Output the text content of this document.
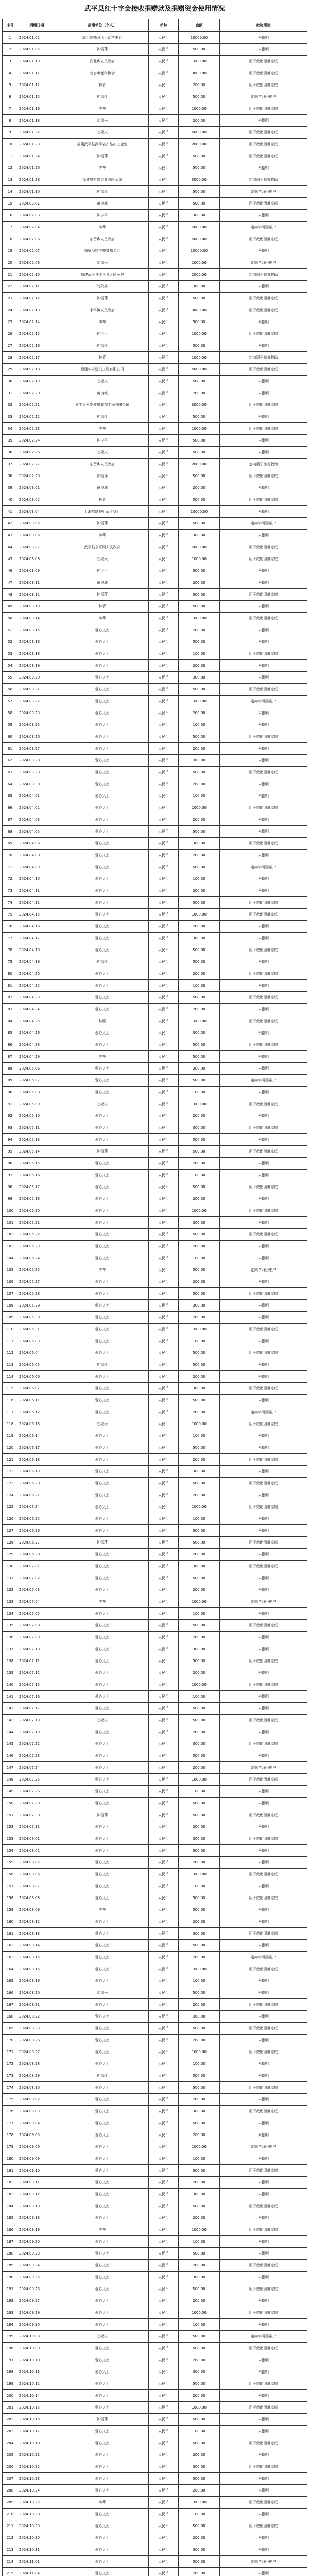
武平县红十字会接收捐赠款及捐赠资金使用情况
序号	捐赠日期	捐赠单位（个人）	币种	金额	款物用途
1	2024.01.02	厦门高德时代不动产中心	人民币	10000.00	未指明
2	2024.01.05	钟雪萍	人民币	500.00	未指明
3	2024.01.10	武北乡人民政府	人民币	1000.00	用于救助困难家庭
4	2024.01.11	龙岩市老年协会	人民币	3000.00	用于救助困难家庭
5	2024.01.12	林青	人民币	200.00	用于救助困难家庭
6	2024.01.15	钟雪萍	人民币	500.00	定向学习困难户
7	2024.01.16	李华	人民币	1000.00	用于救助困难家庭
8	2024.01.18	刘福兴	人民币	200.00	未指明
9	2024.01.22	刘福兴	人民币	5000.00	用于救助困难家庭
10	2024.01.23	福建武平县武平农产品加工企业	人民币	2000.00	用于救助困难家庭
11	2024.01.24	钟雪萍	人民币	500.00	用于救助困难家庭
12	2024.01.26	李华	人民币	500.00	未指明
13	2024.01.28	福建省万宏实业有限公司	人民币	3000.00	定向用于慈善救助
14	2024.01.30	钟雪萍	人民币	500.00	定向学习困难户
15	2024.02.01	黄良城	人民币	500.00	用于救助困难家庭
16	2024.02.03	钟少平	人民币	300.00	未指明
17	2024.02.04	李华	人民币	2000.00	定向学习困难户
18	2024.02.06	东留乡人民政府	人民币	5000.00	用于救助困难家庭
19	2024.02.07	东留乡精准扶贫基金会	人民币	10000.00	未指明
20	2024.02.08	刘福兴	人民币	1000.00	定向学习困难户
21	2024.02.10	福建武平县武平县人民医院	人民币	2000.00	定向用于慈善救助
22	2024.02.11	气象局	人民币	300.00	未指明
23	2024.02.12	钟雪萍	人民币	500.00	用于救助困难家庭
24	2024.02.13	永平镇人民政府	人民币	3000.00	用于救助困难家庭
25	2024.02.14	李华	人民币	500.00	未指明
26	2024.02.15	钟少平	人民币	1000.00	用于救助困难家庭
27	2024.02.16	钟雪萍	人民币	500.00	未指明
28	2024.02.17	林青	人民币	1000.00	定向用于慈善救助
29	2024.02.18	福建华安建设工程有限公司	人民币	5000.00	用于救助困难家庭
30	2024.02.19	刘福兴	人民币	500.00	未指明
31	2024.02.20	黄良城	人民币	200.00	未指明
32	2024.02.21	武平县永安建筑装饰工程有限公司	人民币	3000.00	用于救助困难家庭
33	2024.02.22	钟雪萍	人民币	500.00	未指明
34	2024.02.23	李华	人民币	1000.00	用于救助困难家庭
35	2024.02.24	钟少平	人民币	500.00	未指明
36	2024.02.26	刘福兴	人民币	500.00	未指明
37	2024.02.27	东留乡人民政府	人民币	2000.00	定向用于慈善救助
38	2024.02.28	钟雪萍	人民币	500.00	用于救助困难家庭
39	2024.03.01	黄良城	人民币	200.00	未指明
40	2024.03.02	林青	人民币	500.00	用于救助困难家庭
41	2024.03.04	上海招商银行武平支行	人民币	10000.00	未指明
42	2024.03.05	钟雪萍	人民币	500.00	定向学习困难户
43	2024.03.06	李华	人民币	300.00	未指明
44	2024.03.07	武平县永平镇人民政府	人民币	2000.00	用于救助困难家庭
45	2024.03.08	刘福兴	人民币	1000.00	用于救助困难家庭
46	2024.03.09	钟少平	人民币	500.00	未指明
47	2024.03.11	黄良城	人民币	200.00	未指明
48	2024.03.12	钟雪萍	人民币	500.00	用于救助困难家庭
49	2024.03.13	林青	人民币	500.00	未指明
50	2024.03.14	李华	人民币	1000.00	用于救助困难家庭
51	2024.03.15	爱心人士	人民币	200.00	未指明
52	2024.03.16	爱心人士	人民币	500.00	未指明
53	2024.03.18	爱心人士	人民币	100.00	用于救助困难家庭
54	2024.03.19	爱心人士	人民币	200.00	未指明
55	2024.03.20	爱心人士	人民币	300.00	未指明
56	2024.03.21	爱心人士	人民币	500.00	用于救助困难家庭
57	2024.03.22	爱心人士	人民币	1000.00	定向学习困难户
58	2024.03.23	爱心人士	人民币	200.00	未指明
59	2024.03.25	爱心人士	人民币	100.00	未指明
60	2024.03.26	爱心人士	人民币	500.00	用于救助困难家庭
61	2024.03.27	爱心人士	人民币	200.00	未指明
62	2024.03.28	爱心人士	人民币	300.00	未指明
63	2024.03.29	爱心人士	人民币	500.00	用于救助困难家庭
64	2024.03.30	爱心人士	人民币	200.00	未指明
65	2024.04.01	爱心人士	人民币	100.00	未指明
66	2024.04.02	爱心人士	人民币	1000.00	用于救助困难家庭
67	2024.04.03	爱心人士	人民币	200.00	未指明
68	2024.04.05	爱心人士	人民币	500.00	未指明
69	2024.04.06	爱心人士	人民币	300.00	用于救助困难家庭
70	2024.04.08	爱心人士	人民币	200.00	未指明
71	2024.04.09	爱心人士	人民币	500.00	定向学习困难户
72	2024.04.10	爱心人士	人民币	100.00	未指明
73	2024.04.11	爱心人士	人民币	200.00	未指明
74	2024.04.12	爱心人士	人民币	500.00	用于救助困难家庭
75	2024.04.15	爱心人士	人民币	1000.00	用于救助困难家庭
76	2024.04.16	爱心人士	人民币	200.00	未指明
77	2024.04.17	爱心人士	人民币	300.00	未指明
78	2024.04.18	爱心人士	人民币	500.00	用于救助困难家庭
79	2024.04.19	钟雪萍	人民币	500.00	未指明
80	2024.04.20	爱心人士	人民币	200.00	用于救助困难家庭
81	2024.04.22	爱心人士	人民币	100.00	未指明
82	2024.04.23	爱心人士	人民币	500.00	用于救助困难家庭
83	2024.04.24	爱心人士	人民币	200.00	未指明
84	2024.04.25	林晓	人民币	1000.00	用于救助困难家庭
85	2024.04.26	爱心人士	人民币	300.00	未指明
86	2024.04.28	爱心人士	人民币	500.00	用于救助困难家庭
87	2024.04.29	李华	人民币	500.00	未指明
88	2024.05.06	爱心人士	人民币	200.00	未指明
89	2024.05.07	爱心人士	人民币	500.00	定向学习困难户
90	2024.05.08	爱心人士	人民币	100.00	未指明
91	2024.05.09	刘福兴	人民币	1000.00	用于救助困难家庭
92	2024.05.10	爱心人士	人民币	200.00	未指明
93	2024.05.11	爱心人士	人民币	300.00	用于救助困难家庭
94	2024.05.13	爱心人士	人民币	500.00	未指明
95	2024.05.14	钟雪萍	人民币	500.00	用于救助困难家庭
96	2024.05.15	爱心人士	人民币	200.00	未指明
97	2024.05.16	爱心人士	人民币	100.00	未指明
98	2024.05.17	爱心人士	人民币	500.00	用于救助困难家庭
99	2024.05.18	爱心人士	人民币	200.00	未指明
100	2024.05.20	爱心人士	人民币	1000.00	用于救助困难家庭
101	2024.05.21	爱心人士	人民币	300.00	未指明
102	2024.05.22	爱心人士	人民币	500.00	用于救助困难家庭
103	2024.05.23	爱心人士	人民币	200.00	未指明
104	2024.05.24	爱心人士	人民币	100.00	未指明
105	2024.05.25	李华	人民币	500.00	定向学习困难户
106	2024.05.27	爱心人士	人民币	200.00	未指明
107	2024.05.28	爱心人士	人民币	500.00	用于救助困难家庭
108	2024.05.29	爱心人士	人民币	300.00	未指明
109	2024.05.30	爱心人士	人民币	200.00	未指明
110	2024.05.31	爱心人士	人民币	1000.00	用于救助困难家庭
111	2024.06.03	爱心人士	人民币	100.00	未指明
112	2024.06.04	爱心人士	人民币	500.00	用于救助困难家庭
113	2024.06.05	钟雪萍	人民币	500.00	未指明
114	2024.06.06	爱心人士	人民币	200.00	未指明
115	2024.06.07	爱心人士	人民币	300.00	用于救助困难家庭
116	2024.06.11	爱心人士	人民币	500.00	未指明
117	2024.06.12	爱心人士	人民币	200.00	定向学习困难户
118	2024.06.13	刘福兴	人民币	1000.00	用于救助困难家庭
119	2024.06.14	爱心人士	人民币	100.00	未指明
120	2024.06.17	爱心人士	人民币	500.00	未指明
121	2024.06.18	爱心人士	人民币	200.00	用于救助困难家庭
122	2024.06.19	爱心人士	人民币	300.00	未指明
123	2024.06.20	爱心人士	人民币	500.00	用于救助困难家庭
124	2024.06.21	爱心人士	人民币	200.00	未指明
125	2024.06.24	爱心人士	人民币	1000.00	用于救助困难家庭
126	2024.06.25	爱心人士	人民币	100.00	未指明
127	2024.06.26	爱心人士	人民币	500.00	未指明
128	2024.06.27	钟雪萍	人民币	500.00	用于救助困难家庭
129	2024.06.28	爱心人士	人民币	200.00	未指明
130	2024.07.01	爱心人士	人民币	300.00	用于救助困难家庭
131	2024.07.02	爱心人士	人民币	500.00	未指明
132	2024.07.03	爱心人士	人民币	200.00	未指明
133	2024.07.04	李华	人民币	1000.00	定向学习困难户
134	2024.07.05	爱心人士	人民币	100.00	未指明
135	2024.07.08	爱心人士	人民币	500.00	用于救助困难家庭
136	2024.07.09	爱心人士	人民币	200.00	未指明
137	2024.07.10	爱心人士	人民币	300.00	未指明
138	2024.07.11	爱心人士	人民币	500.00	用于救助困难家庭
139	2024.07.12	爱心人士	人民币	200.00	未指明
140	2024.07.15	爱心人士	人民币	1000.00	用于救助困难家庭
141	2024.07.16	爱心人士	人民币	100.00	未指明
142	2024.07.17	爱心人士	人民币	500.00	未指明
143	2024.07.18	刘福兴	人民币	500.00	用于救助困难家庭
144	2024.07.19	爱心人士	人民币	200.00	未指明
145	2024.07.22	爱心人士	人民币	300.00	用于救助困难家庭
146	2024.07.23	爱心人士	人民币	500.00	未指明
147	2024.07.24	爱心人士	人民币	200.00	定向学习困难户
148	2024.07.25	爱心人士	人民币	1000.00	用于救助困难家庭
149	2024.07.26	爱心人士	人民币	100.00	未指明
150	2024.07.29	爱心人士	人民币	500.00	未指明
151	2024.07.30	钟雪萍	人民币	500.00	用于救助困难家庭
152	2024.07.31	爱心人士	人民币	200.00	未指明
153	2024.08.01	爱心人士	人民币	300.00	用于救助困难家庭
154	2024.08.02	爱心人士	人民币	500.00	未指明
155	2024.08.05	爱心人士	人民币	200.00	未指明
156	2024.08.06	爱心人士	人民币	1000.00	用于救助困难家庭
157	2024.08.07	爱心人士	人民币	100.00	未指明
158	2024.08.08	爱心人士	人民币	500.00	用于救助困难家庭
159	2024.08.09	李华	人民币	500.00	未指明
160	2024.08.12	爱心人士	人民币	200.00	未指明
161	2024.08.13	爱心人士	人民币	300.00	用于救助困难家庭
162	2024.08.14	爱心人士	人民币	500.00	未指明
163	2024.08.15	爱心人士	人民币	200.00	定向学习困难户
164	2024.08.16	爱心人士	人民币	1000.00	用于救助困难家庭
165	2024.08.19	爱心人士	人民币	100.00	未指明
166	2024.08.20	刘福兴	人民币	500.00	未指明
167	2024.08.21	爱心人士	人民币	200.00	用于救助困难家庭
168	2024.08.22	爱心人士	人民币	300.00	未指明
169	2024.08.23	爱心人士	人民币	500.00	用于救助困难家庭
170	2024.08.26	爱心人士	人民币	200.00	未指明
171	2024.08.27	爱心人士	人民币	1000.00	用于救助困难家庭
172	2024.08.28	爱心人士	人民币	100.00	未指明
173	2024.08.29	钟雪萍	人民币	500.00	未指明
174	2024.08.30	爱心人士	人民币	500.00	用于救助困难家庭
175	2024.09.02	爱心人士	人民币	200.00	未指明
176	2024.09.03	爱心人士	人民币	300.00	用于救助困难家庭
177	2024.09.04	爱心人士	人民币	500.00	未指明
178	2024.09.05	爱心人士	人民币	200.00	未指明
179	2024.09.06	爱心人士	人民币	1000.00	定向学习困难户
180	2024.09.09	爱心人士	人民币	100.00	未指明
181	2024.09.10	爱心人士	人民币	500.00	用于救助困难家庭
182	2024.09.11	爱心人士	人民币	200.00	未指明
183	2024.09.12	爱心人士	人民币	300.00	未指明
184	2024.09.13	爱心人士	人民币	500.00	用于救助困难家庭
185	2024.09.18	爱心人士	人民币	200.00	未指明
186	2024.09.19	李华	人民币	1000.00	用于救助困难家庭
187	2024.09.20	爱心人士	人民币	100.00	未指明
188	2024.09.23	爱心人士	人民币	500.00	未指明
189	2024.09.24	爱心人士	人民币	200.00	用于救助困难家庭
190	2024.09.25	爱心人士	人民币	300.00	未指明
191	2024.09.26	爱心人士	人民币	500.00	用于救助困难家庭
192	2024.09.27	爱心人士	人民币	200.00	未指明
193	2024.09.29	爱心人士	人民币	1000.00	用于救助困难家庭
194	2024.09.30	爱心人士	人民币	100.00	未指明
195	2024.10.08	刘福兴	人民币	500.00	定向学习困难户
196	2024.10.09	爱心人士	人民币	500.00	用于救助困难家庭
197	2024.10.10	爱心人士	人民币	200.00	未指明
198	2024.10.11	爱心人士	人民币	300.00	未指明
199	2024.10.12	爱心人士	人民币	500.00	用于救助困难家庭
200	2024.10.14	爱心人士	人民币	200.00	未指明
201	2024.10.15	爱心人士	人民币	1000.00	用于救助困难家庭
202	2024.10.16	钟雪萍	人民币	500.00	未指明
203	2024.10.17	爱心人士	人民币	100.00	未指明
204	2024.10.18	爱心人士	人民币	500.00	用于救助困难家庭
205	2024.10.21	爱心人士	人民币	200.00	未指明
206	2024.10.22	爱心人士	人民币	300.00	用于救助困难家庭
207	2024.10.23	爱心人士	人民币	500.00	未指明
208	2024.10.24	爱心人士	人民币	200.00	未指明
209	2024.10.25	李华	人民币	1000.00	用于救助困难家庭
210	2024.10.28	爱心人士	人民币	100.00	未指明
211	2024.10.29	爱心人士	人民币	500.00	用于救助困难家庭
212	2024.10.30	爱心人士	人民币	200.00	未指明
213	2024.10.31	爱心人士	人民币	300.00	未指明
214	2024.11.01	爱心人士	人民币	500.00	定向学习困难户
215	2024.11.04	爱心人士	人民币	200.00	未指明
